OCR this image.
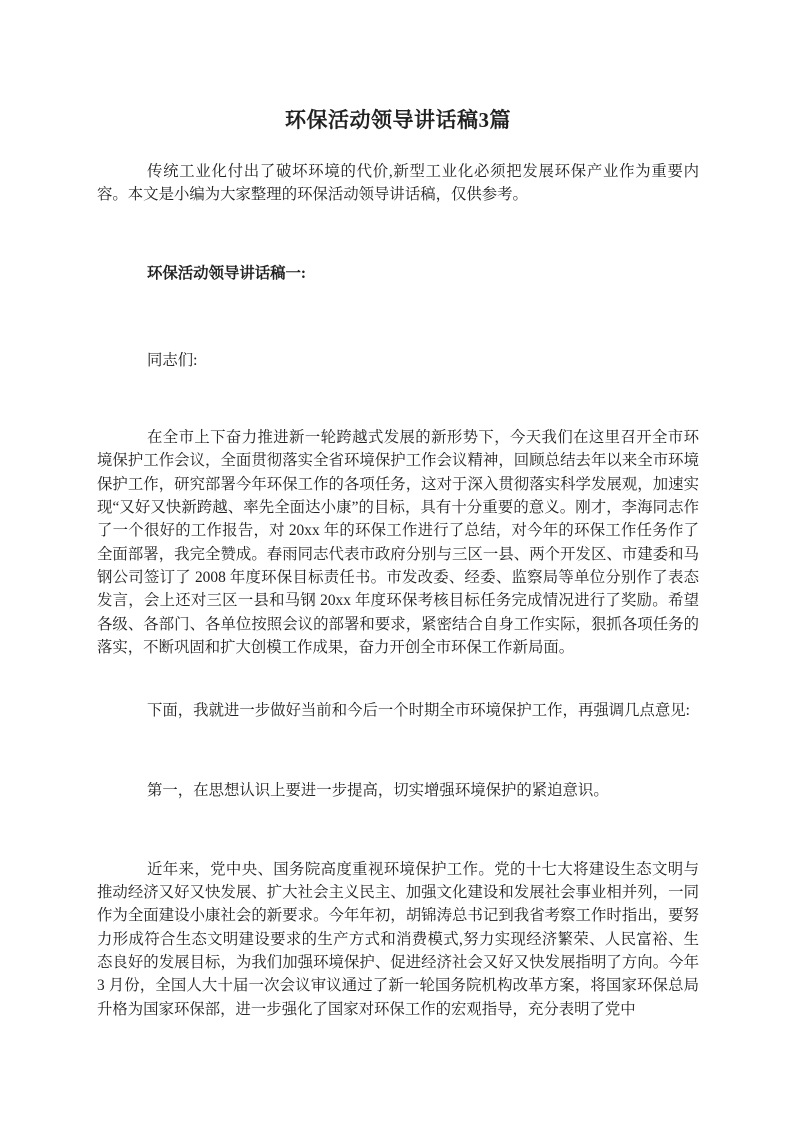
环保活动领导讲话稿3篇

传统工业化付出了破坏环境的代价,新型工业化必须把发展环保产业作为重要内容。本文是小编为大家整理的环保活动领导讲话稿，仅供参考。

环保活动领导讲话稿一:

同志们:

在全市上下奋力推进新一轮跨越式发展的新形势下，今天我们在这里召开全市环境保护工作会议，全面贯彻落实全省环境保护工作会议精神，回顾总结去年以来全市环境保护工作，研究部署今年环保工作的各项任务，这对于深入贯彻落实科学发展观，加速实现“又好又快新跨越、率先全面达小康”的目标，具有十分重要的意义。刚才，李海同志作了一个很好的工作报告，对 20xx 年的环保工作进行了总结，对今年的环保工作任务作了全面部署，我完全赞成。春雨同志代表市政府分别与三区一县、两个开发区、市建委和马钢公司签订了 2008 年度环保目标责任书。市发改委、经委、监察局等单位分别作了表态发言，会上还对三区一县和马钢 20xx 年度环保考核目标任务完成情况进行了奖励。希望各级、各部门、各单位按照会议的部署和要求，紧密结合自身工作实际，狠抓各项任务的落实，不断巩固和扩大创模工作成果，奋力开创全市环保工作新局面。

下面，我就进一步做好当前和今后一个时期全市环境保护工作，再强调几点意见:

第一，在思想认识上要进一步提高，切实增强环境保护的紧迫意识。

近年来，党中央、国务院高度重视环境保护工作。党的十七大将建设生态文明与推动经济又好又快发展、扩大社会主义民主、加强文化建设和发展社会事业相并列，一同作为全面建设小康社会的新要求。今年年初，胡锦涛总书记到我省考察工作时指出，要努力形成符合生态文明建设要求的生产方式和消费模式,努力实现经济繁荣、人民富裕、生态良好的发展目标，为我们加强环境保护、促进经济社会又好又快发展指明了方向。今年 3 月份，全国人大十届一次会议审议通过了新一轮国务院机构改革方案，将国家环保总局升格为国家环保部，进一步强化了国家对环保工作的宏观指导，充分表明了党中
